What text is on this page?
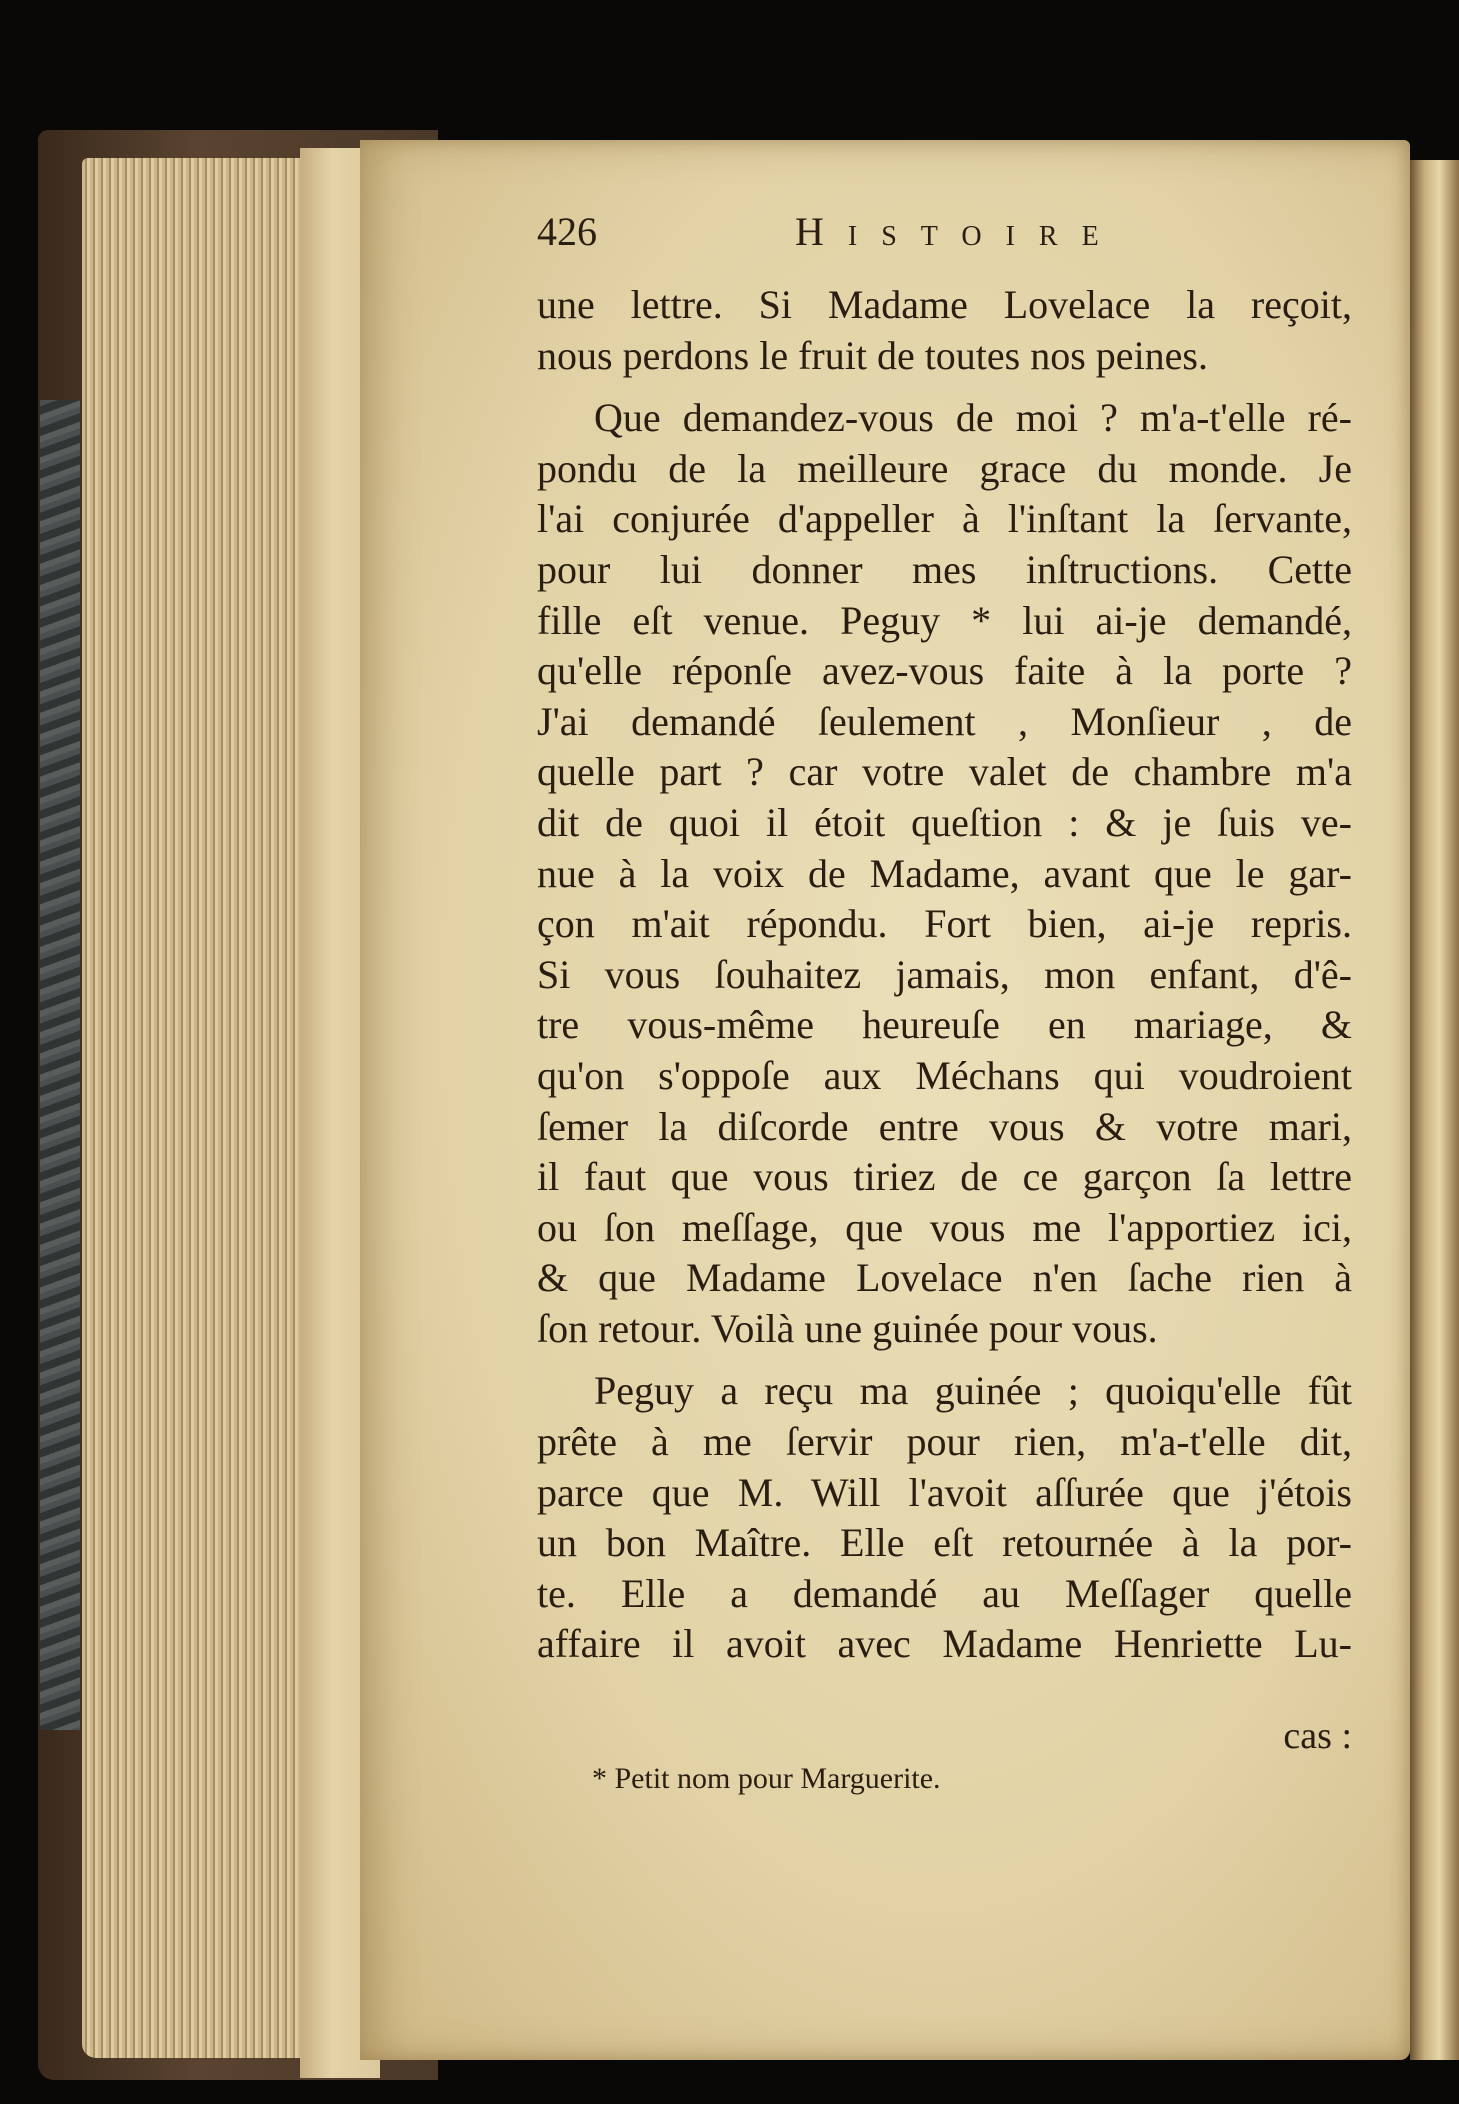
426	Histoire
une lettre. Si Madame Lovelace la reçoit,
nous perdons le fruit de toutes nos peines.
Que demandez-vous de moi ? m'a-t'elle ré-
pondu de la meilleure grace du monde. Je
l'ai conjurée d'appeller à l'inſtant la ſervante,
pour lui donner mes inſtructions. Cette
fille eſt venue. Peguy * lui ai-je demandé,
qu'elle réponſe avez-vous faite à la porte ?
J'ai demandé ſeulement , Monſieur , de
quelle part ? car votre valet de chambre m'a
dit de quoi il étoit queſtion : & je ſuis ve-
nue à la voix de Madame, avant que le gar-
çon m'ait répondu. Fort bien, ai-je repris.
Si vous ſouhaitez jamais, mon enfant, d'ê-
tre vous-même heureuſe en mariage, &
qu'on s'oppoſe aux Méchans qui voudroient
ſemer la diſcorde entre vous & votre mari,
il faut que vous tiriez de ce garçon ſa lettre
ou ſon meſſage, que vous me l'apportiez ici,
& que Madame Lovelace n'en ſache rien à
ſon retour. Voilà une guinée pour vous.
Peguy a reçu ma guinée ; quoiqu'elle fût
prête à me ſervir pour rien, m'a-t'elle dit,
parce que M. Will l'avoit aſſurée que j'étois
un bon Maître. Elle eſt retournée à la por-
te. Elle a demandé au Meſſager quelle
affaire il avoit avec Madame Henriette Lu-
cas :
* Petit nom pour Marguerite.
